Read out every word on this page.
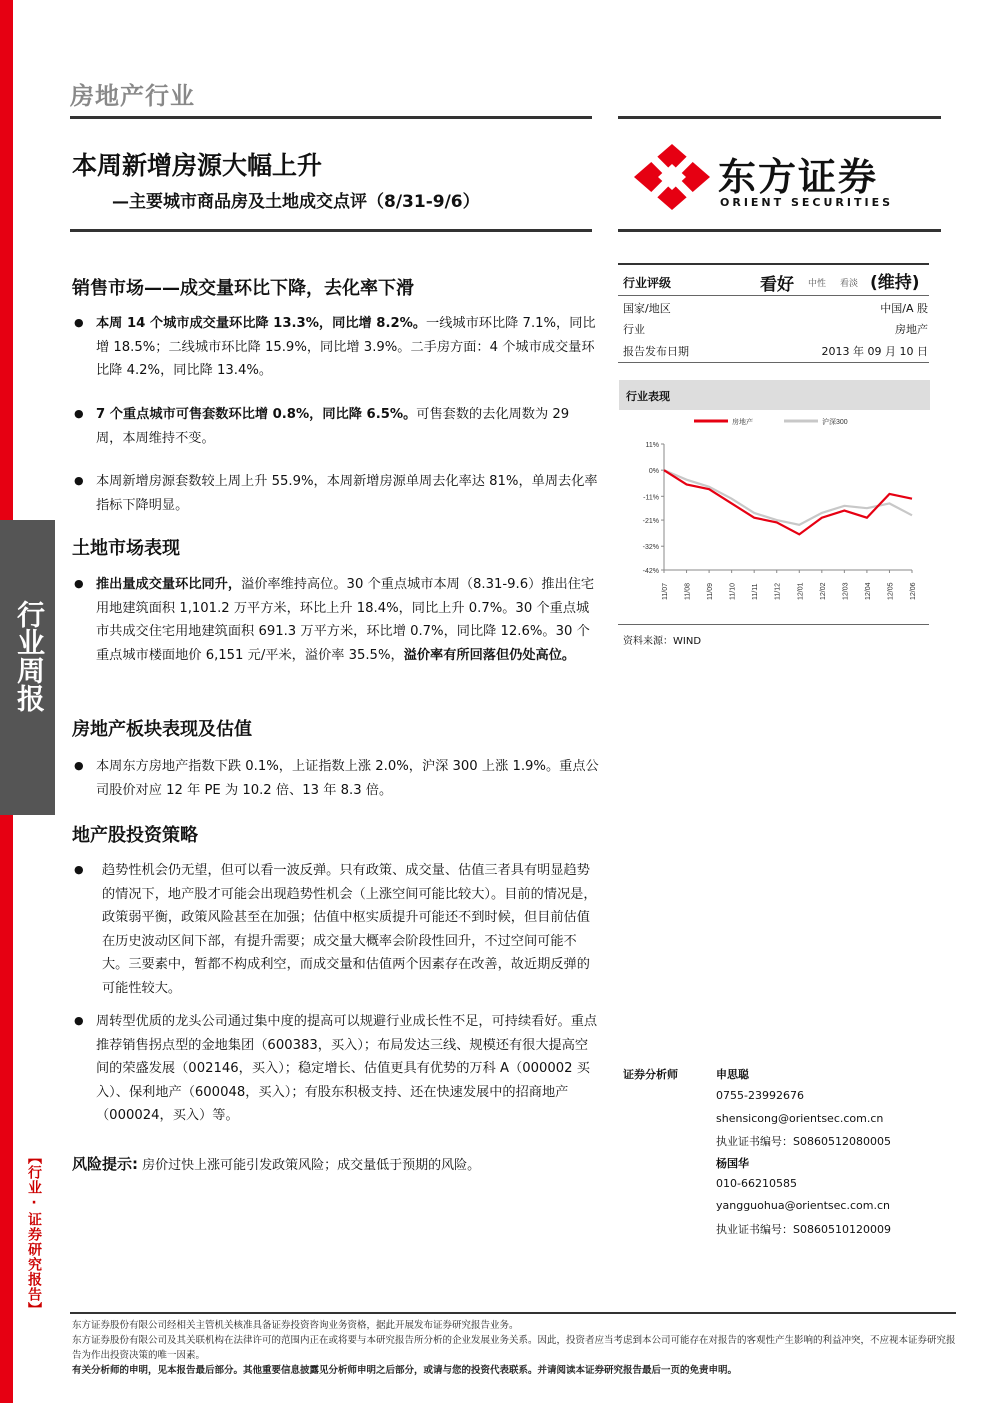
行业周报
【行业·证券研究报告】
房地产行业
本周新增房源大幅上升
—主要城市商品房及土地成交点评（8/31-9/6）
东方证券
ORIENT SECURITIES
销售市场——成交量环比下降，去化率下滑
● 本周 14 个城市成交量环比降 13.3%，同比增 8.2%。一线城市环比降 7.1%，同比增 18.5%；二线城市环比降 15.9%，同比增 3.9%。二手房方面：4 个城市成交量环比降 4.2%，同比降 13.4%。
● 7 个重点城市可售套数环比增 0.8%，同比降 6.5%。可售套数的去化周数为 29 周，本周维持不变。
● 本周新增房源套数较上周上升 55.9%，本周新增房源单周去化率达 81%，单周去化率指标下降明显。
土地市场表现
● 推出量成交量环比同升，溢价率维持高位。30 个重点城市本周（8.31-9.6）推出住宅用地建筑面积 1,101.2 万平方米，环比上升 18.4%，同比上升 0.7%。30 个重点城市共成交住宅用地建筑面积 691.3 万平方米，环比增 0.7%，同比降 12.6%。30 个重点城市楼面地价 6,151 元/平米，溢价率 35.5%，溢价率有所回落但仍处高位。
房地产板块表现及估值
● 本周东方房地产指数下跌 0.1%，上证指数上涨 2.0%，沪深 300 上涨 1.9%。重点公司股价对应 12 年 PE 为 10.2 倍、13 年 8.3 倍。
地产股投资策略
● 趋势性机会仍无望，但可以看一波反弹。只有政策、成交量、估值三者具有明显趋势的情况下，地产股才可能会出现趋势性机会（上涨空间可能比较大）。目前的情况是，政策弱平衡，政策风险甚至在加强；估值中枢实质提升可能还不到时候，但目前估值在历史波动区间下部，有提升需要；成交量大概率会阶段性回升，不过空间可能不大。三要素中，暂都不构成利空，而成交量和估值两个因素存在改善，故近期反弹的可能性较大。
● 周转型优质的龙头公司通过集中度的提高可以规避行业成长性不足，可持续看好。重点推荐销售拐点型的金地集团（600383，买入）；布局发达三线、规模还有很大提高空间的荣盛发展（002146，买入）；稳定增长、估值更具有优势的万科 A（000002 买入）、保利地产（600048，买入）；有股东积极支持、还在快速发展中的招商地产（000024，买入）等。
风险提示: 房价过快上涨可能引发政策风险；成交量低于预期的风险。
行业评级	看好 中性 看淡 (维持)
国家/地区	中国/A 股
行业	房地产
报告发布日期	2013 年 09 月 10 日
行业表现
房地产	沪深300
11%
0%
-11%
-21%
-32%
-42%
11/07 11/08 11/09 11/10 11/11 11/12 12/01 12/02 12/03 12/04 12/05 12/06
资料来源：WIND
证券分析师	申思聪
0755-23992676
shensicong@orientsec.com.cn
执业证书编号：S0860512080005
杨国华
010-66210585
yangguohua@orientsec.com.cn
执业证书编号：S0860510120009
东方证券股份有限公司经相关主管机关核准具备证券投资咨询业务资格，据此开展发布证券研究报告业务。
东方证券股份有限公司及其关联机构在法律许可的范围内正在或将要与本研究报告所分析的企业发展业务关系。因此，投资者应当考虑到本公司可能存在对报告的客观性产生影响的利益冲突，不应视本证券研究报告为作出投资决策的唯一因素。
有关分析师的申明，见本报告最后部分。其他重要信息披露见分析师申明之后部分，或请与您的投资代表联系。并请阅读本证券研究报告最后一页的免责申明。
